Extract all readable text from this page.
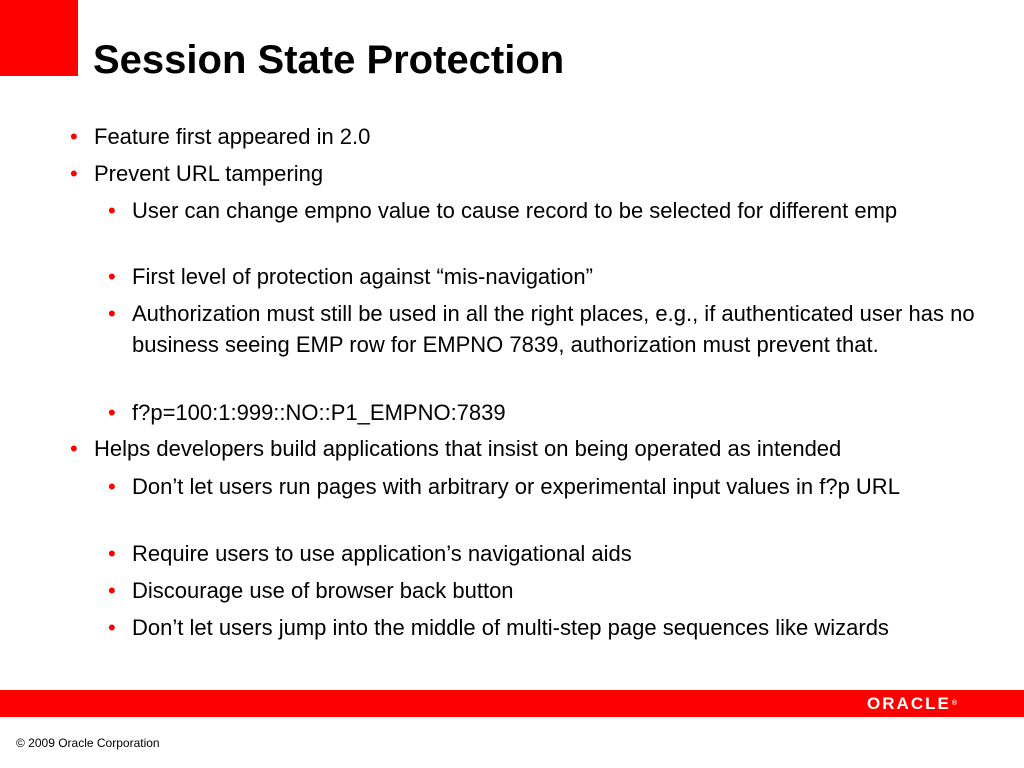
Session State Protection
• Feature first appeared in 2.0
• Prevent URL tampering
• User can change empno value to cause record to be selected for different emp
• First level of protection against “mis-navigation”
• Authorization must still be used in all the right places, e.g., if authenticated user has no business seeing EMP row for EMPNO 7839, authorization must prevent that.
• f?p=100:1:999::NO::P1_EMPNO:7839
• Helps developers build applications that insist on being operated as intended
• Don’t let users run pages with arbitrary or experimental input values in f?p URL
• Require users to use application’s navigational aids
• Discourage use of browser back button
• Don’t let users jump into the middle of multi-step page sequences like wizards
ORACLE®
© 2009 Oracle Corporation
